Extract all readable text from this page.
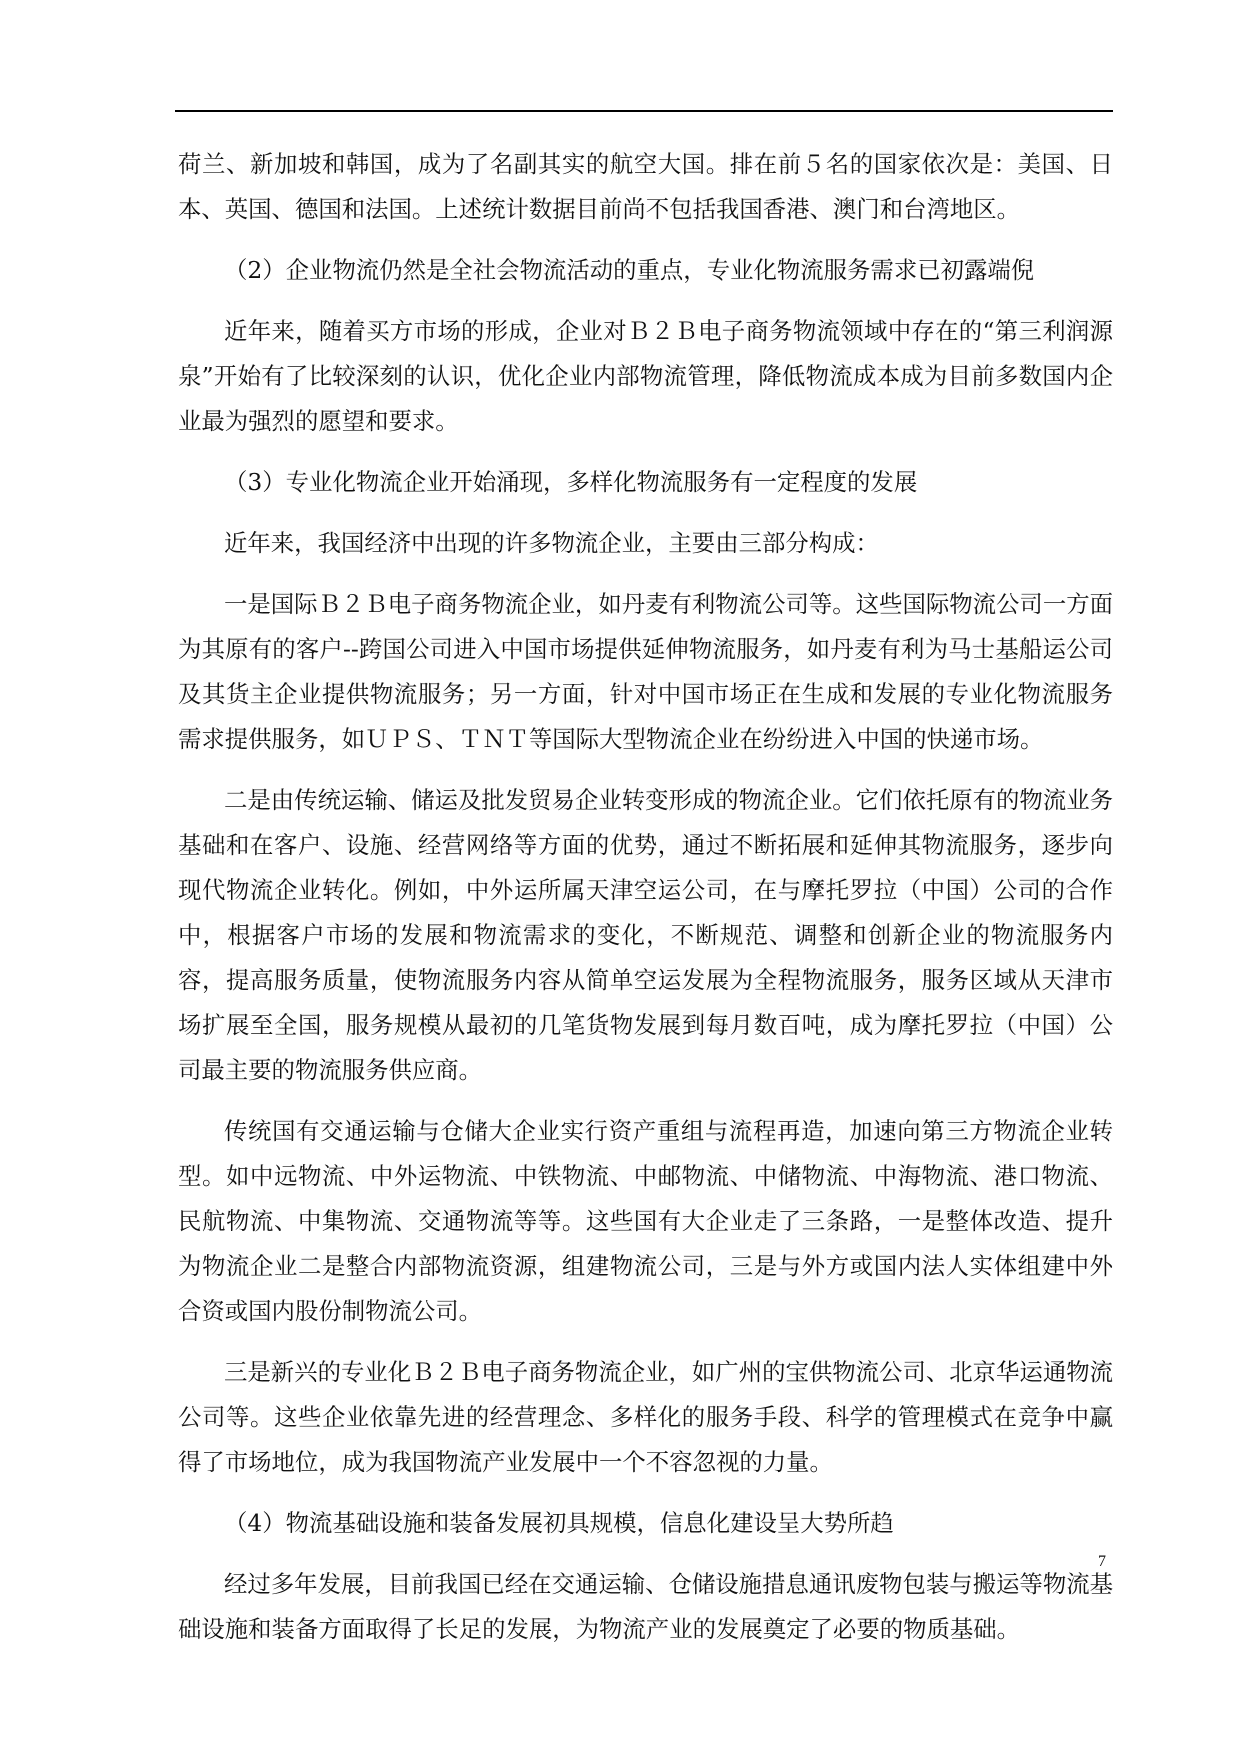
荷兰、新加坡和韩国，成为了名副其实的航空大国。排在前５名的国家依次是：美国、日本、英国、德国和法国。上述统计数据目前尚不包括我国香港、澳门和台湾地区。

（2）企业物流仍然是全社会物流活动的重点，专业化物流服务需求已初露端倪

近年来，随着买方市场的形成，企业对Ｂ２Ｂ电子商务物流领域中存在的“第三利润源泉”开始有了比较深刻的认识，优化企业内部物流管理，降低物流成本成为目前多数国内企业最为强烈的愿望和要求。

（3）专业化物流企业开始涌现，多样化物流服务有一定程度的发展

近年来，我国经济中出现的许多物流企业，主要由三部分构成：

一是国际Ｂ２Ｂ电子商务物流企业，如丹麦有利物流公司等。这些国际物流公司一方面为其原有的客户--跨国公司进入中国市场提供延伸物流服务，如丹麦有利为马士基船运公司及其货主企业提供物流服务；另一方面，针对中国市场正在生成和发展的专业化物流服务需求提供服务，如ＵＰＳ、ＴＮＴ等国际大型物流企业在纷纷进入中国的快递市场。

二是由传统运输、储运及批发贸易企业转变形成的物流企业。它们依托原有的物流业务基础和在客户、设施、经营网络等方面的优势，通过不断拓展和延伸其物流服务，逐步向现代物流企业转化。例如，中外运所属天津空运公司，在与摩托罗拉（中国）公司的合作中，根据客户市场的发展和物流需求的变化，不断规范、调整和创新企业的物流服务内容，提高服务质量，使物流服务内容从简单空运发展为全程物流服务，服务区域从天津市场扩展至全国，服务规模从最初的几笔货物发展到每月数百吨，成为摩托罗拉（中国）公司最主要的物流服务供应商。

传统国有交通运输与仓储大企业实行资产重组与流程再造，加速向第三方物流企业转型。如中远物流、中外运物流、中铁物流、中邮物流、中储物流、中海物流、港口物流、民航物流、中集物流、交通物流等等。这些国有大企业走了三条路，一是整体改造、提升为物流企业二是整合内部物流资源，组建物流公司，三是与外方或国内法人实体组建中外合资或国内股份制物流公司。

三是新兴的专业化Ｂ２Ｂ电子商务物流企业，如广州的宝供物流公司、北京华运通物流公司等。这些企业依靠先进的经营理念、多样化的服务手段、科学的管理模式在竞争中赢得了市场地位，成为我国物流产业发展中一个不容忽视的力量。

（4）物流基础设施和装备发展初具规模，信息化建设呈大势所趋

经过多年发展，目前我国已经在交通运输、仓储设施措息通讯废物包装与搬运等物流基础设施和装备方面取得了长足的发展，为物流产业的发展奠定了必要的物质基础。

7
